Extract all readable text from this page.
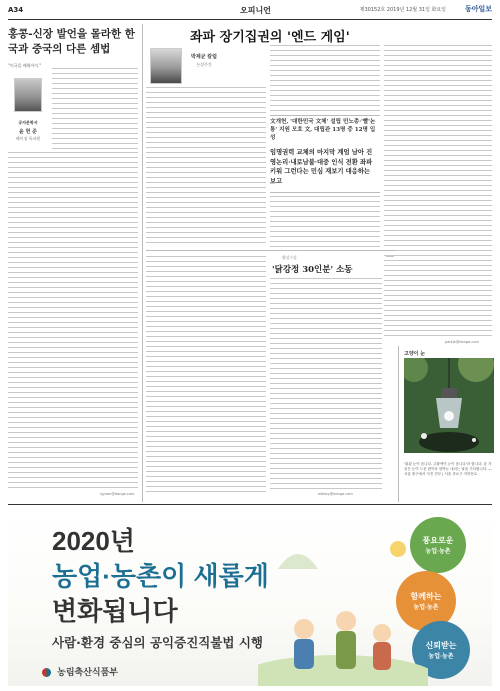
A34	오피니언	제30152호 2019년 12월 31일 화요일	동아일보
홍콩-신장 발언을 몰라한 한국과 중국의 다른 셈법
"미국을 배워야지."
공자문학서
윤 헌 준
베이징 특파원
sjyoon@donga.com
좌파 장기집권의 '엔드 게임'
박제균 칼럼
논설주간
文개헌, '대한민국 文체' 설립 민노총·'빨'논통' 지원 모호 文, 대립관 13명 중 12명 입성
임명권력 교체의 마지막 계엄 남아 진영논리·내로남불·대중 인식 전환 좌파 키워 그런다는 민심 재보기 대응하는 보고
parkjk@donga.com
횡설수설
'닭강정 30인분' 소동
oldboy@donga.com
고양이 눈
'펑펑 눈이 옵니다. 주황색이 눈이 옵니다'라 합니다. 올 겨울은 눈이 드문 편이라 함박눈 내리는 날을 기다립니다. — 서울 중구에서 사진 전모 | 서울 종로구 자하문로
2020년
농업·농촌이 새롭게
변화됩니다
사람·환경 중심의 공익증진직불법 시행
농림축산식품부
풍요로운
농업·농촌
함께하는
농업·농촌
신뢰받는
농업·농촌
